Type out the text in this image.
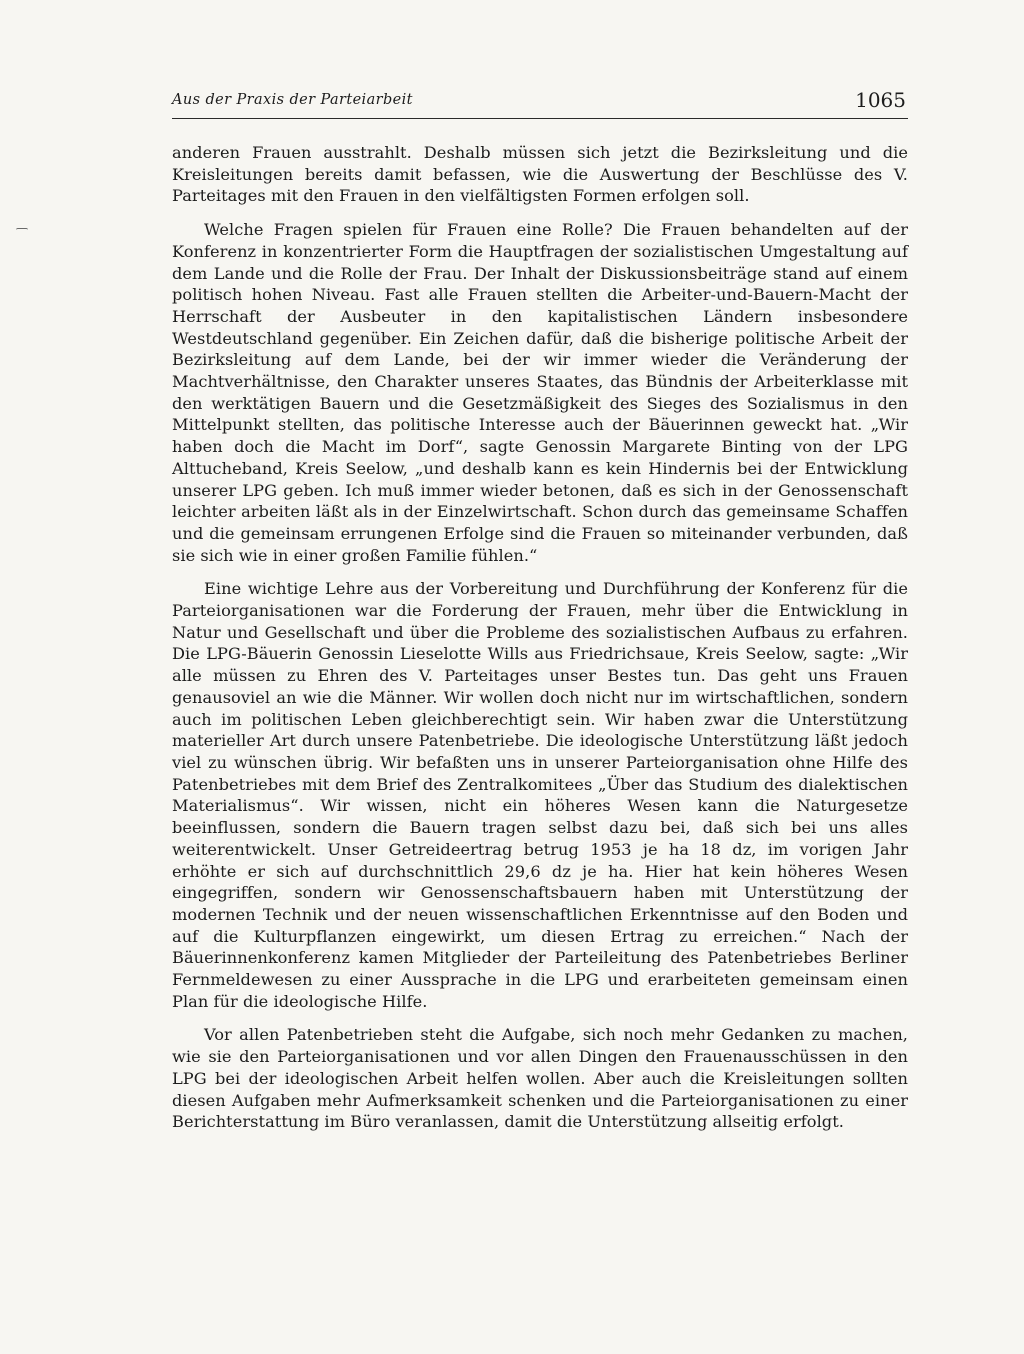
Aus der Praxis der Parteiarbeit	1065

anderen Frauen ausstrahlt. Deshalb müssen sich jetzt die Bezirksleitung und die Kreisleitungen bereits damit befassen, wie die Auswertung der Beschlüsse des V. Parteitages mit den Frauen in den vielfältigsten Formen erfolgen soll.

Welche Fragen spielen für Frauen eine Rolle? Die Frauen behandelten auf der Konferenz in konzentrierter Form die Hauptfragen der sozialistischen Umgestaltung auf dem Lande und die Rolle der Frau. Der Inhalt der Diskussionsbeiträge stand auf einem politisch hohen Niveau. Fast alle Frauen stellten die Arbeiter-und-Bauern-Macht der Herrschaft der Ausbeuter in den kapitalistischen Ländern insbesondere Westdeutschland gegenüber. Ein Zeichen dafür, daß die bisherige politische Arbeit der Bezirksleitung auf dem Lande, bei der wir immer wieder die Veränderung der Machtverhältnisse, den Charakter unseres Staates, das Bündnis der Arbeiterklasse mit den werktätigen Bauern und die Gesetzmäßigkeit des Sieges des Sozialismus in den Mittelpunkt stellten, das politische Interesse auch der Bäuerinnen geweckt hat. „Wir haben doch die Macht im Dorf“, sagte Genossin Margarete Binting von der LPG Alttucheband, Kreis Seelow, „und deshalb kann es kein Hindernis bei der Entwicklung unserer LPG geben. Ich muß immer wieder betonen, daß es sich in der Genossenschaft leichter arbeiten läßt als in der Einzelwirtschaft. Schon durch das gemeinsame Schaffen und die gemeinsam errungenen Erfolge sind die Frauen so miteinander verbunden, daß sie sich wie in einer großen Familie fühlen.“

Eine wichtige Lehre aus der Vorbereitung und Durchführung der Konferenz für die Parteiorganisationen war die Forderung der Frauen, mehr über die Entwicklung in Natur und Gesellschaft und über die Probleme des sozialistischen Aufbaus zu erfahren. Die LPG-Bäuerin Genossin Lieselotte Wills aus Friedrichsaue, Kreis Seelow, sagte: „Wir alle müssen zu Ehren des V. Parteitages unser Bestes tun. Das geht uns Frauen genausoviel an wie die Männer. Wir wollen doch nicht nur im wirtschaftlichen, sondern auch im politischen Leben gleichberechtigt sein. Wir haben zwar die Unterstützung materieller Art durch unsere Patenbetriebe. Die ideologische Unterstützung läßt jedoch viel zu wünschen übrig. Wir befaßten uns in unserer Parteiorganisation ohne Hilfe des Patenbetriebes mit dem Brief des Zentralkomitees „Über das Studium des dialektischen Materialismus“. Wir wissen, nicht ein höheres Wesen kann die Naturgesetze beeinflussen, sondern die Bauern tragen selbst dazu bei, daß sich bei uns alles weiterentwickelt. Unser Getreideertrag betrug 1953 je ha 18 dz, im vorigen Jahr erhöhte er sich auf durchschnittlich 29,6 dz je ha. Hier hat kein höheres Wesen eingegriffen, sondern wir Genossenschaftsbauern haben mit Unterstützung der modernen Technik und der neuen wissenschaftlichen Erkenntnisse auf den Boden und auf die Kulturpflanzen eingewirkt, um diesen Ertrag zu erreichen.“ Nach der Bäuerinnenkonferenz kamen Mitglieder der Parteileitung des Patenbetriebes Berliner Fernmeldewesen zu einer Aussprache in die LPG und erarbeiteten gemeinsam einen Plan für die ideologische Hilfe.

Vor allen Patenbetrieben steht die Aufgabe, sich noch mehr Gedanken zu machen, wie sie den Parteiorganisationen und vor allen Dingen den Frauenausschüssen in den LPG bei der ideologischen Arbeit helfen wollen. Aber auch die Kreisleitungen sollten diesen Aufgaben mehr Aufmerksamkeit schenken und die Parteiorganisationen zu einer Berichterstattung im Büro veranlassen, damit die Unterstützung allseitig erfolgt.
